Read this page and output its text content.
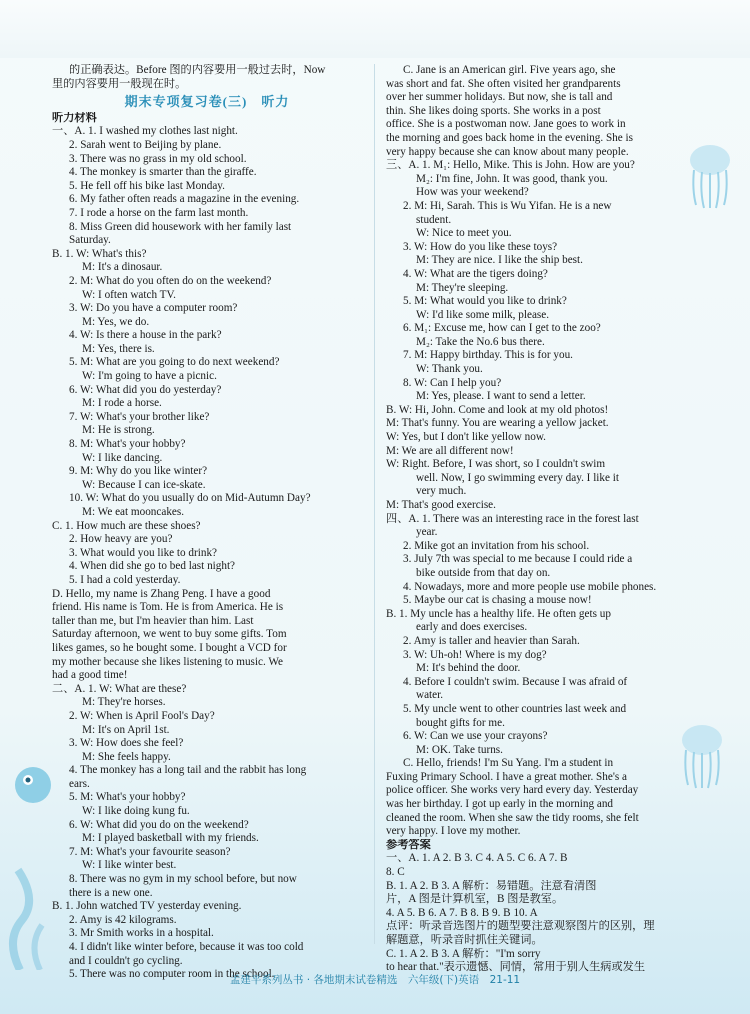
的正确表达。Before 图的内容要用一般过去时，Now
里的内容要用一般现在时。
期末专项复习卷(三)　听力
听力材料
一、A. 1. I washed my clothes last night.
2. Sarah went to Beijing by plane.
3. There was no grass in my old school.
4. The monkey is smarter than the giraffe.
5. He fell off his bike last Monday.
6. My father often reads a magazine in the evening.
7. I rode a horse on the farm last month.
8. Miss Green did housework with her family last
Saturday.
B. 1. W: What's this?
M: It's a dinosaur.
2. M: What do you often do on the weekend?
W: I often watch TV.
3. W: Do you have a computer room?
M: Yes, we do.
4. W: Is there a house in the park?
M: Yes, there is.
5. M: What are you going to do next weekend?
W: I'm going to have a picnic.
6. W: What did you do yesterday?
M: I rode a horse.
7. W: What's your brother like?
M: He is strong.
8. M: What's your hobby?
W: I like dancing.
9. M: Why do you like winter?
W: Because I can ice-skate.
10. W: What do you usually do on Mid-Autumn Day?
M: We eat mooncakes.
C. 1. How much are these shoes?
2. How heavy are you?
3. What would you like to drink?
4. When did she go to bed last night?
5. I had a cold yesterday.
D. Hello, my name is Zhang Peng. I have a good
friend. His name is Tom. He is from America. He is
taller than me, but I'm heavier than him. Last
Saturday afternoon, we went to buy some gifts. Tom
likes games, so he bought some. I bought a VCD for
my mother because she likes listening to music. We
had a good time!
二、A. 1. W: What are these?
M: They're horses.
2. W: When is April Fool's Day?
M: It's on April 1st.
3. W: How does she feel?
M: She feels happy.
4. The monkey has a long tail and the rabbit has long
ears.
5. M: What's your hobby?
W: I like doing kung fu.
6. W: What did you do on the weekend?
M: I played basketball with my friends.
7. M: What's your favourite season?
W: I like winter best.
8. There was no gym in my school before, but now
there is a new one.
B. 1. John watched TV yesterday evening.
2. Amy is 42 kilograms.
3. Mr Smith works in a hospital.
4. I didn't like winter before, because it was too cold
and I couldn't go cycling.
5. There was no computer room in the school.
C. Jane is an American girl. Five years ago, she
was short and fat. She often visited her grandparents
over her summer holidays. But now, she is tall and
thin. She likes doing sports. She works in a post
office. She is a postwoman now. Jane goes to work in
the morning and goes back home in the evening. She is
very happy because she can know about many people.
三、A. 1. M₁: Hello, Mike. This is John. How are you?
M₂: I'm fine, John. It was good, thank you.
How was your weekend?
2. M: Hi, Sarah. This is Wu Yifan. He is a new
student.
W: Nice to meet you.
3. W: How do you like these toys?
M: They are nice. I like the ship best.
4. W: What are the tigers doing?
M: They're sleeping.
5. M: What would you like to drink?
W: I'd like some milk, please.
6. M₁: Excuse me, how can I get to the zoo?
M₂: Take the No.6 bus there.
7. M: Happy birthday. This is for you.
W: Thank you.
8. W: Can I help you?
M: Yes, please. I want to send a letter.
B. W: Hi, John. Come and look at my old photos!
M: That's funny. You are wearing a yellow jacket.
W: Yes, but I don't like yellow now.
M: We are all different now!
W: Right. Before, I was short, so I couldn't swim
well. Now, I go swimming every day. I like it
very much.
M: That's good exercise.
四、A. 1. There was an interesting race in the forest last
year.
2. Mike got an invitation from his school.
3. July 7th was special to me because I could ride a
bike outside from that day on.
4. Nowadays, more and more people use mobile phones.
5. Maybe our cat is chasing a mouse now!
B. 1. My uncle has a healthy life. He often gets up
early and does exercises.
2. Amy is taller and heavier than Sarah.
3. W: Uh-oh! Where is my dog?
M: It's behind the door.
4. Before I couldn't swim. Because I was afraid of
water.
5. My uncle went to other countries last week and
bought gifts for me.
6. W: Can we use your crayons?
M: OK. Take turns.
C. Hello, friends! I'm Su Yang. I'm a student in
Fuxing Primary School. I have a great mother. She's a
police officer. She works very hard every day. Yesterday
was her birthday. I got up early in the morning and
cleaned the room. When she saw the tidy rooms, she felt
very happy. I love my mother.
参考答案
一、A. 1. A 2. B 3. C 4. A 5. C 6. A 7. B
8. C
B. 1. A 2. B 3. A 解析：易错题。注意看清图
片，A 图是计算机室，B 图是教室。
4. A 5. B 6. A 7. B 8. B 9. B 10. A
点评：听录音选图片的题型要注意观察图片的区别，理
解题意，听录音时抓住关键词。
C. 1. A 2. B 3. A 解析："I'm sorry
to hear that."表示遗憾、同情，常用于别人生病或发生
孟建平系列丛书 · 各地期末试卷精选　六年级(下)英语　21-11
